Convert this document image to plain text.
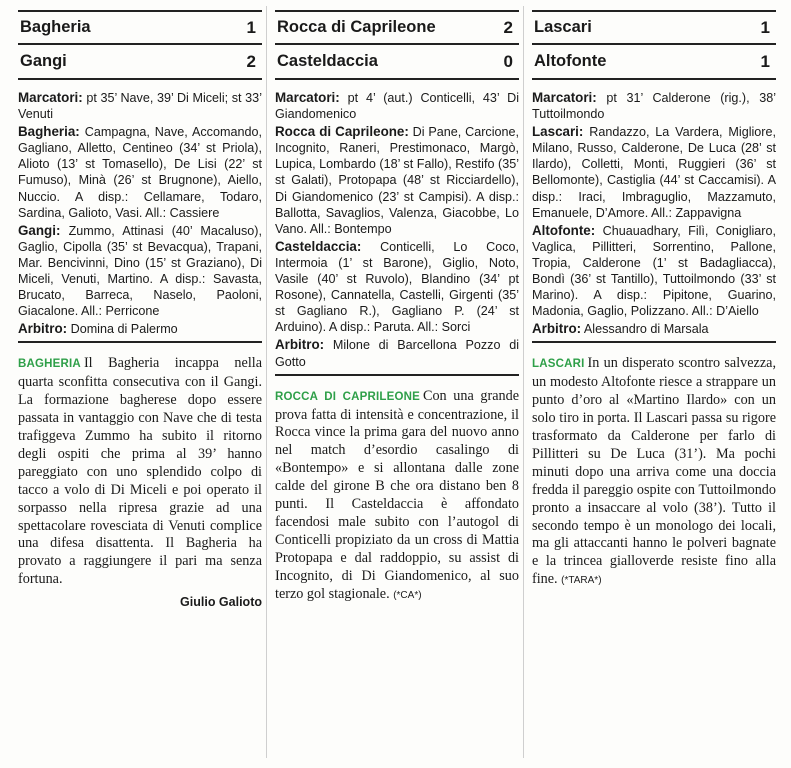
Bagheria	1
Gangi	2

Marcatori: pt 35’ Nave, 39’ Di Miceli; st 33’ Venuti

Bagheria: Campagna, Nave, Accomando, Gagliano, Alletto, Centineo (34’ st Priola), Alioto (13’ st Tomasello), De Lisi (22’ st Fumuso), Minà (26’ st Brugnone), Aiello, Nuccio. A disp.: Cellamare, Todaro, Sardina, Galioto, Vasi. All.: Cassiere

Gangi: Zummo, Attinasi (40’ Macaluso), Gaglio, Cipolla (35’ st Bevacqua), Trapani, Mar. Bencivinni, Dino (15’ st Graziano), Di Miceli, Venuti, Martino. A disp.: Savasta, Brucato, Barreca, Naselo, Paoloni, Giacalone. All.: Perricone

Arbitro: Domina di Palermo

BAGHERIA Il Bagheria incappa nella quarta sconfitta consecutiva con il Gangi. La formazione bagherese dopo essere passata in vantaggio con Nave che di testa trafiggeva Zummo ha subito il ritorno degli ospiti che prima al 39’ hanno pareggiato con uno splendido colpo di tacco a volo di Di Miceli e poi operato il sorpasso nella ripresa grazie ad una spettacolare rovesciata di Venuti complice una difesa disattenta. Il Bagheria ha provato a raggiungere il pari ma senza fortuna.
Giulio Galioto
Rocca di Caprileone	2
Casteldaccia	0

Marcatori: pt 4’ (aut.) Conticelli, 43’ Di Giandomenico

Rocca di Caprileone: Di Pane, Carcione, Incognito, Raneri, Prestimonaco, Margò, Lupica, Lombardo (18’ st Fallo), Restifo (35’ st Galati), Protopapa (48’ st Ricciardello), Di Giandomenico (23’ st Campisi). A disp.: Ballotta, Savaglios, Valenza, Giacobbe, Lo Vano. All.: Bontempo

Casteldaccia: Conticelli, Lo Coco, Intermoia (1’ st Barone), Giglio, Noto, Vasile (40’ st Ruvolo), Blandino (34’ pt Rosone), Cannatella, Castelli, Girgenti (35’ st Gagliano R.), Gagliano P. (24’ st Arduino). A disp.: Paruta. All.: Sorci

Arbitro: Milone di Barcellona Pozzo di Gotto

ROCCA DI CAPRILEONE Con una grande prova fatta di intensità e concentrazione, il Rocca vince la prima gara del nuovo anno nel match d’esordio casalingo di «Bontempo» e si allontana dalle zone calde del girone B che ora distano ben 8 punti. Il Casteldaccia è affondato facendosi male subito con l’autogol di Conticelli propiziato da un cross di Mattia Protopapa e dal raddoppio, su assist di Incognito, di Di Giandomenico, al suo terzo gol stagionale. (*CA*)
Lascari	1
Altofonte	1

Marcatori: pt 31’ Calderone (rig.), 38’ Tuttoilmondo

Lascari: Randazzo, La Vardera, Migliore, Milano, Russo, Calderone, De Luca (28’ st Ilardo), Colletti, Monti, Ruggieri (36’ st Bellomonte), Castiglia (44’ st Caccamisi). A disp.: Iraci, Imbraguglio, Mazzamuto, Emanuele, D’Amore. All.: Zappavigna

Altofonte: Chuauadhary, Filì, Conigliaro, Vaglica, Pillitteri, Sorrentino, Pallone, Tropia, Calderone (1’ st Badagliacca), Bondì (36’ st Tantillo), Tuttoilmondo (33’ st Marino). A disp.: Pipitone, Guarino, Madonia, Gaglio, Polizzano. All.: D’Aiello

Arbitro: Alessandro di Marsala

LASCARI In un disperato scontro salvezza, un modesto Altofonte riesce a strappare un punto d’oro al «Martino Ilardo» con un solo tiro in porta. Il Lascari passa su rigore trasformato da Calderone per farlo di Pillitteri su De Luca (31’). Ma pochi minuti dopo una arriva come una doccia fredda il pareggio ospite con Tuttoilmondo pronto a insaccare al volo (38’). Tutto il secondo tempo è un monologo dei locali, ma gli attaccanti hanno le polveri bagnate e la trincea gialloverde resiste fino alla fine. (*TARA*)
